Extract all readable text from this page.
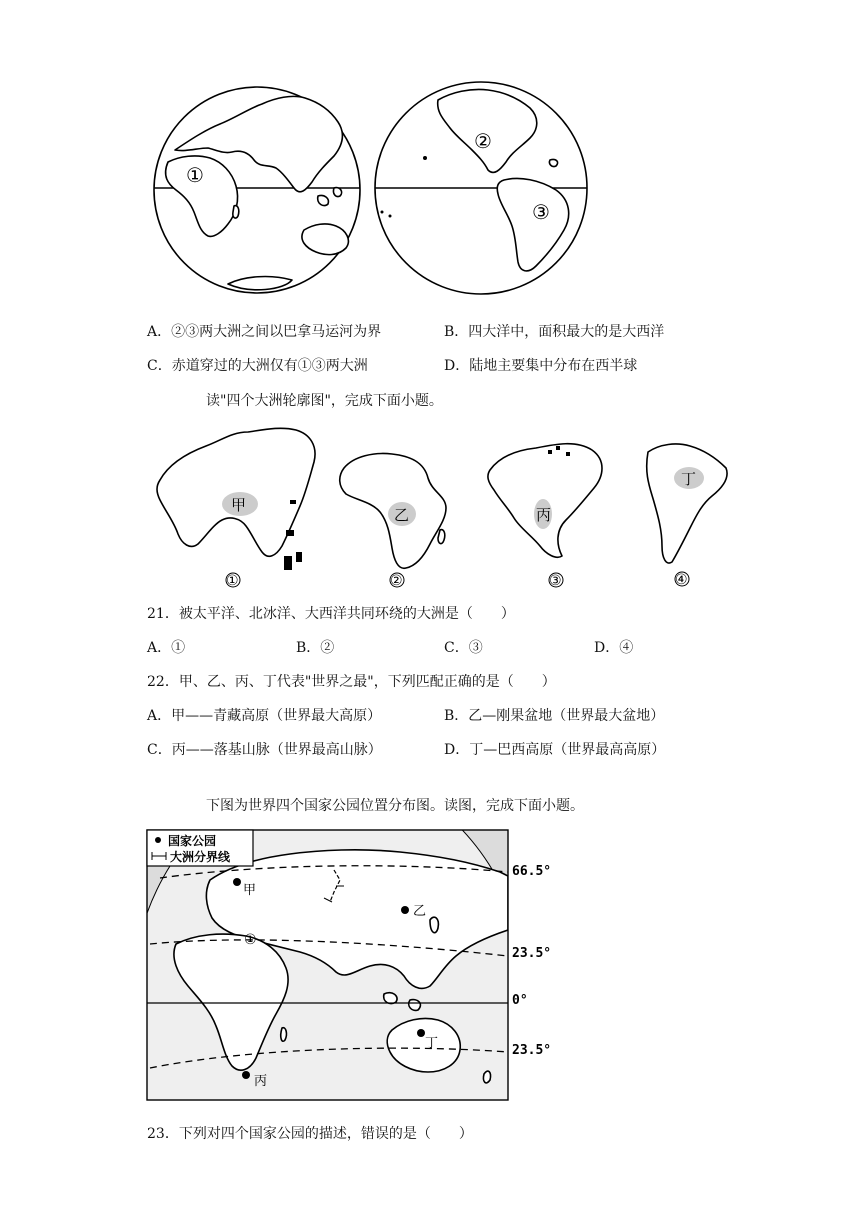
①
②
③
A．②③两大洲之间以巴拿马运河为界	B．四大洋中，面积最大的是大西洋
C．赤道穿过的大洲仅有①③两大洲	D．陆地主要集中分布在西半球
读"四个大洲轮廓图"，完成下面小题。
甲
①
乙
②
丙
③
丁
④
21．被太平洋、北冰洋、大西洋共同环绕的大洲是（　　）
A．①	B．②	C．③	D．④
22．甲、乙、丙、丁代表"世界之最"，下列匹配正确的是（　　）
A．甲——青藏高原（世界最大高原）	B．乙—刚果盆地（世界最大盆地）
C．丙——落基山脉（世界最高山脉）	D．丁—巴西高原（世界最高高原）
下图为世界四个国家公园位置分布图。读图，完成下面小题。
国家公园
大洲分界线
甲
乙
丙
丁
①
66.5°
23.5°
0°
23.5°
23．下列对四个国家公园的描述，错误的是（　　）
